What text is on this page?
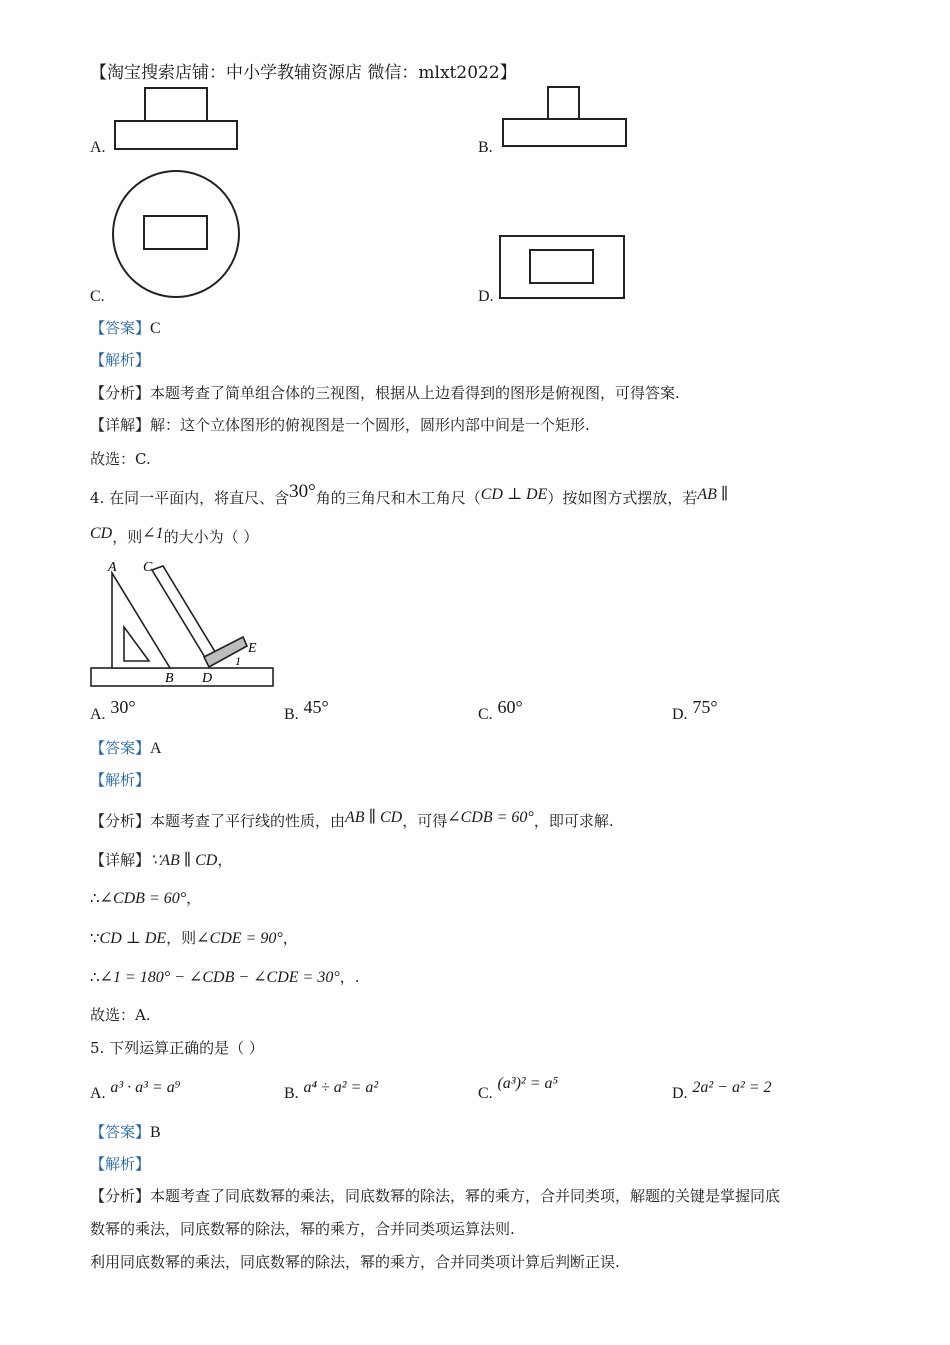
【淘宝搜索店铺：中小学教辅资源店 微信：mlxt2022】
A.	B.
C.	D.
【答案】C
【解析】
【分析】本题考查了简单组合体的三视图，根据从上边看得到的图形是俯视图，可得答案.
【详解】解：这个立体图形的俯视图是一个圆形，圆形内部中间是一个矩形.
故选：C.
4. 在同一平面内，将直尺、含30°角的三角尺和木工角尺（CD ⊥ DE）按如图方式摆放，若AB ∥
CD，则∠1的大小为（ ）
A C
E
1
B D
A. 30°	B. 45°	C. 60°	D. 75°
【答案】A
【解析】
【分析】本题考查了平行线的性质，由AB ∥ CD，可得∠CDB = 60°，即可求解.
【详解】∵AB ∥ CD，
∴∠CDB = 60°，
∵CD ⊥ DE，则∠CDE = 90°，
∴∠1 = 180° − ∠CDB − ∠CDE = 30°，.
故选：A.
5. 下列运算正确的是（ ）
A. a³ · a³ = a⁹	B. a⁴ ÷ a² = a²	C. (a³)² = a⁵
D. 2a² − a² = 2
【答案】B
【解析】
【分析】本题考查了同底数幂的乘法，同底数幂的除法，幂的乘方，合并同类项，解题的关键是掌握同底
数幂的乘法，同底数幂的除法，幂的乘方，合并同类项运算法则.
利用同底数幂的乘法，同底数幂的除法，幂的乘方，合并同类项计算后判断正误.
